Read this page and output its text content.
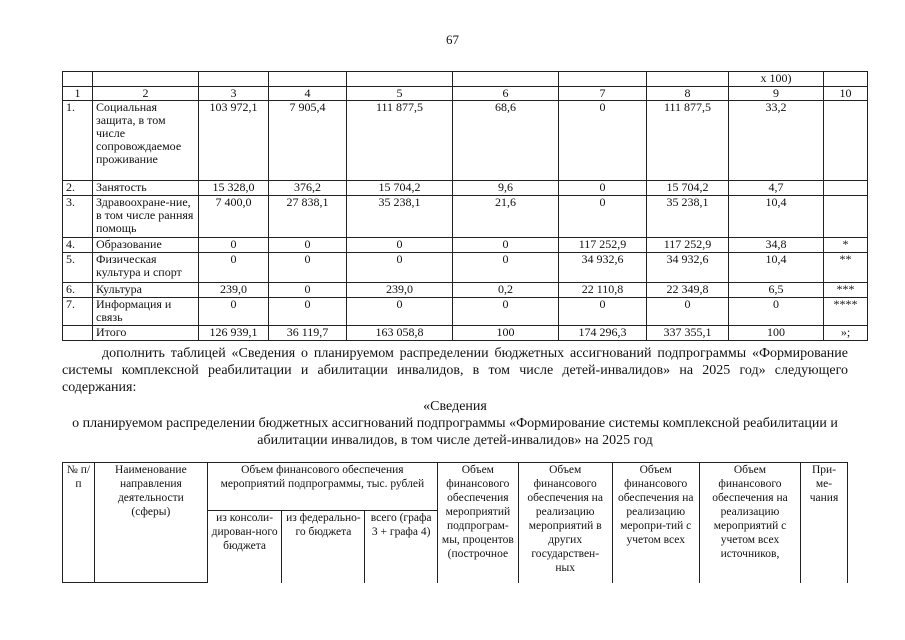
67
								х 100)	
1	2	3	4	5	6	7	8	9	10
1.	Социальная защита, в том числе сопровождаемое проживание	103 972,1	7 905,4	111 877,5	68,6	0	111 877,5	33,2	
2.	Занятость	15 328,0	376,2	15 704,2	9,6	0	15 704,2	4,7	
3.	Здравоохране-ние, в том числе ранняя помощь	7 400,0	27 838,1	35 238,1	21,6	0	35 238,1	10,4	
4.	Образование	0	0	0	0	117 252,9	117 252,9	34,8	*
5.	Физическая культура и спорт	0	0	0	0	34 932,6	34 932,6	10,4	**
6.	Культура	239,0	0	239,0	0,2	22 110,8	22 349,8	6,5	***
7.	Информация и связь	0	0	0	0	0	0	0	****
	Итого	126 939,1	36 119,7	163 058,8	100	174 296,3	337 355,1	100	»;
дополнить таблицей «Сведения о планируемом распределении бюджетных ассигнований подпрограммы «Формирование системы комплексной реабилитации и абилитации инвалидов, в том числе детей-инвалидов» на 2025 год» следующего содержания:
«Сведения
о планируемом распределении бюджетных ассигнований подпрограммы «Формирование системы комплексной реабилитации и абилитации инвалидов, в том числе детей-инвалидов» на 2025 год
№ п/п	Наименование направления деятельности (сферы)	Объем финансового обеспечения мероприятий подпрограммы, тыс. рублей			Объем финансового обеспечения мероприятий подпрограм-мы, процентов (построчное	Объем финансового обеспечения на реализацию мероприятий в других государствен-ных	Объем финансового обеспечения на реализацию меропри-тий с учетом всех	Объем финансового обеспечения на реализацию мероприятий с учетом всех источников,	При-ме-чания
		из консоли-дирован-ного бюджета	из федерально-го бюджета	всего (графа 3 + графа 4)					
